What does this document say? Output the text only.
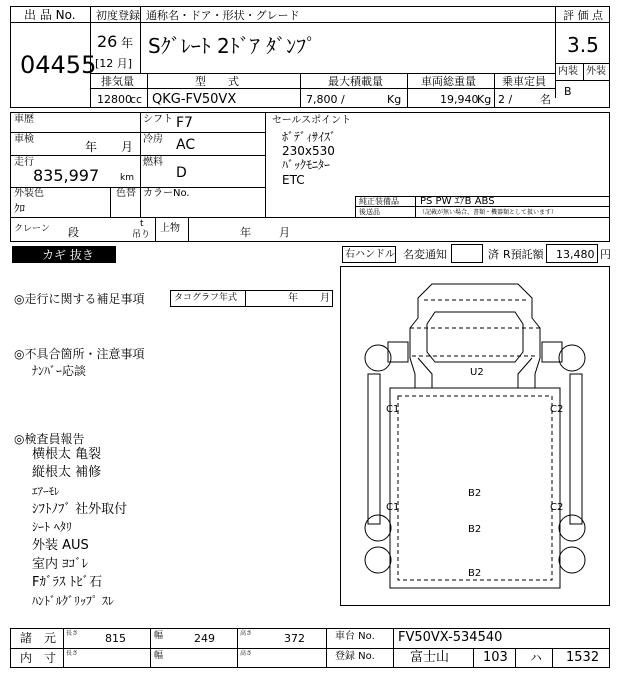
出 品 No.
04455
初度登録
26 年
[12 月]
通称名・ドア・形状・グレード
Sｸﾞﾚｰﾄ 2ﾄﾞｱ ﾀﾞﾝﾌﾟ
評 価 点
3.5
内装 外装
B
排気量
12800
cc
型　　式
QKG-FV50VX
最大積載量
7,800 /	Kg
車両総重量
19,940
Kg
乗車定員
2 /	名
車歴	シフト F7
車検
年 月
冷房 AC
走行
835,997 km
燃料
D
外装色
ｸﾛ
色替 カラーNo.
クレーン 段
t
吊り
上物	年	月
セールスポイント
ﾎﾞﾃﾞｨｻｲｽﾞ
230x530
ﾊﾞｯｸﾓﾆﾀｰ
ETC
純正装備品 PS PW ｴｱB ABS
後送品	（記載が無い場合、書類・機器類として扱います）
カギ 抜き	右ハンドル 名変通知	済 R預託額 13,480 円
◎走行に関する補足事項	タコグラフ年式	年 月
◎不具合箇所・注意事項
ﾅﾝﾊﾞｰ応談
◎検査員報告
横根太 亀裂
縦根太 補修
ｴｱｰﾓﾚ
ｼﾌﾄﾉﾌﾞ 社外取付
ｼｰﾄ ﾍﾀﾘ
外装 AUS
室内 ﾖｺﾞﾚ
Fｶﾞﾗｽ ﾄﾋﾞ石
ﾊﾝﾄﾞﾙｸﾞﾘｯﾌﾟ ｽﾚ
U2
C1	C2
C1	C2
B2
B2
B2
諸　元 長さ 815	幅	249	高さ	372
内　寸 長さ	幅	高さ
車台 No. FV50VX-534540
登録 No.	富士山	103 ハ 1532
